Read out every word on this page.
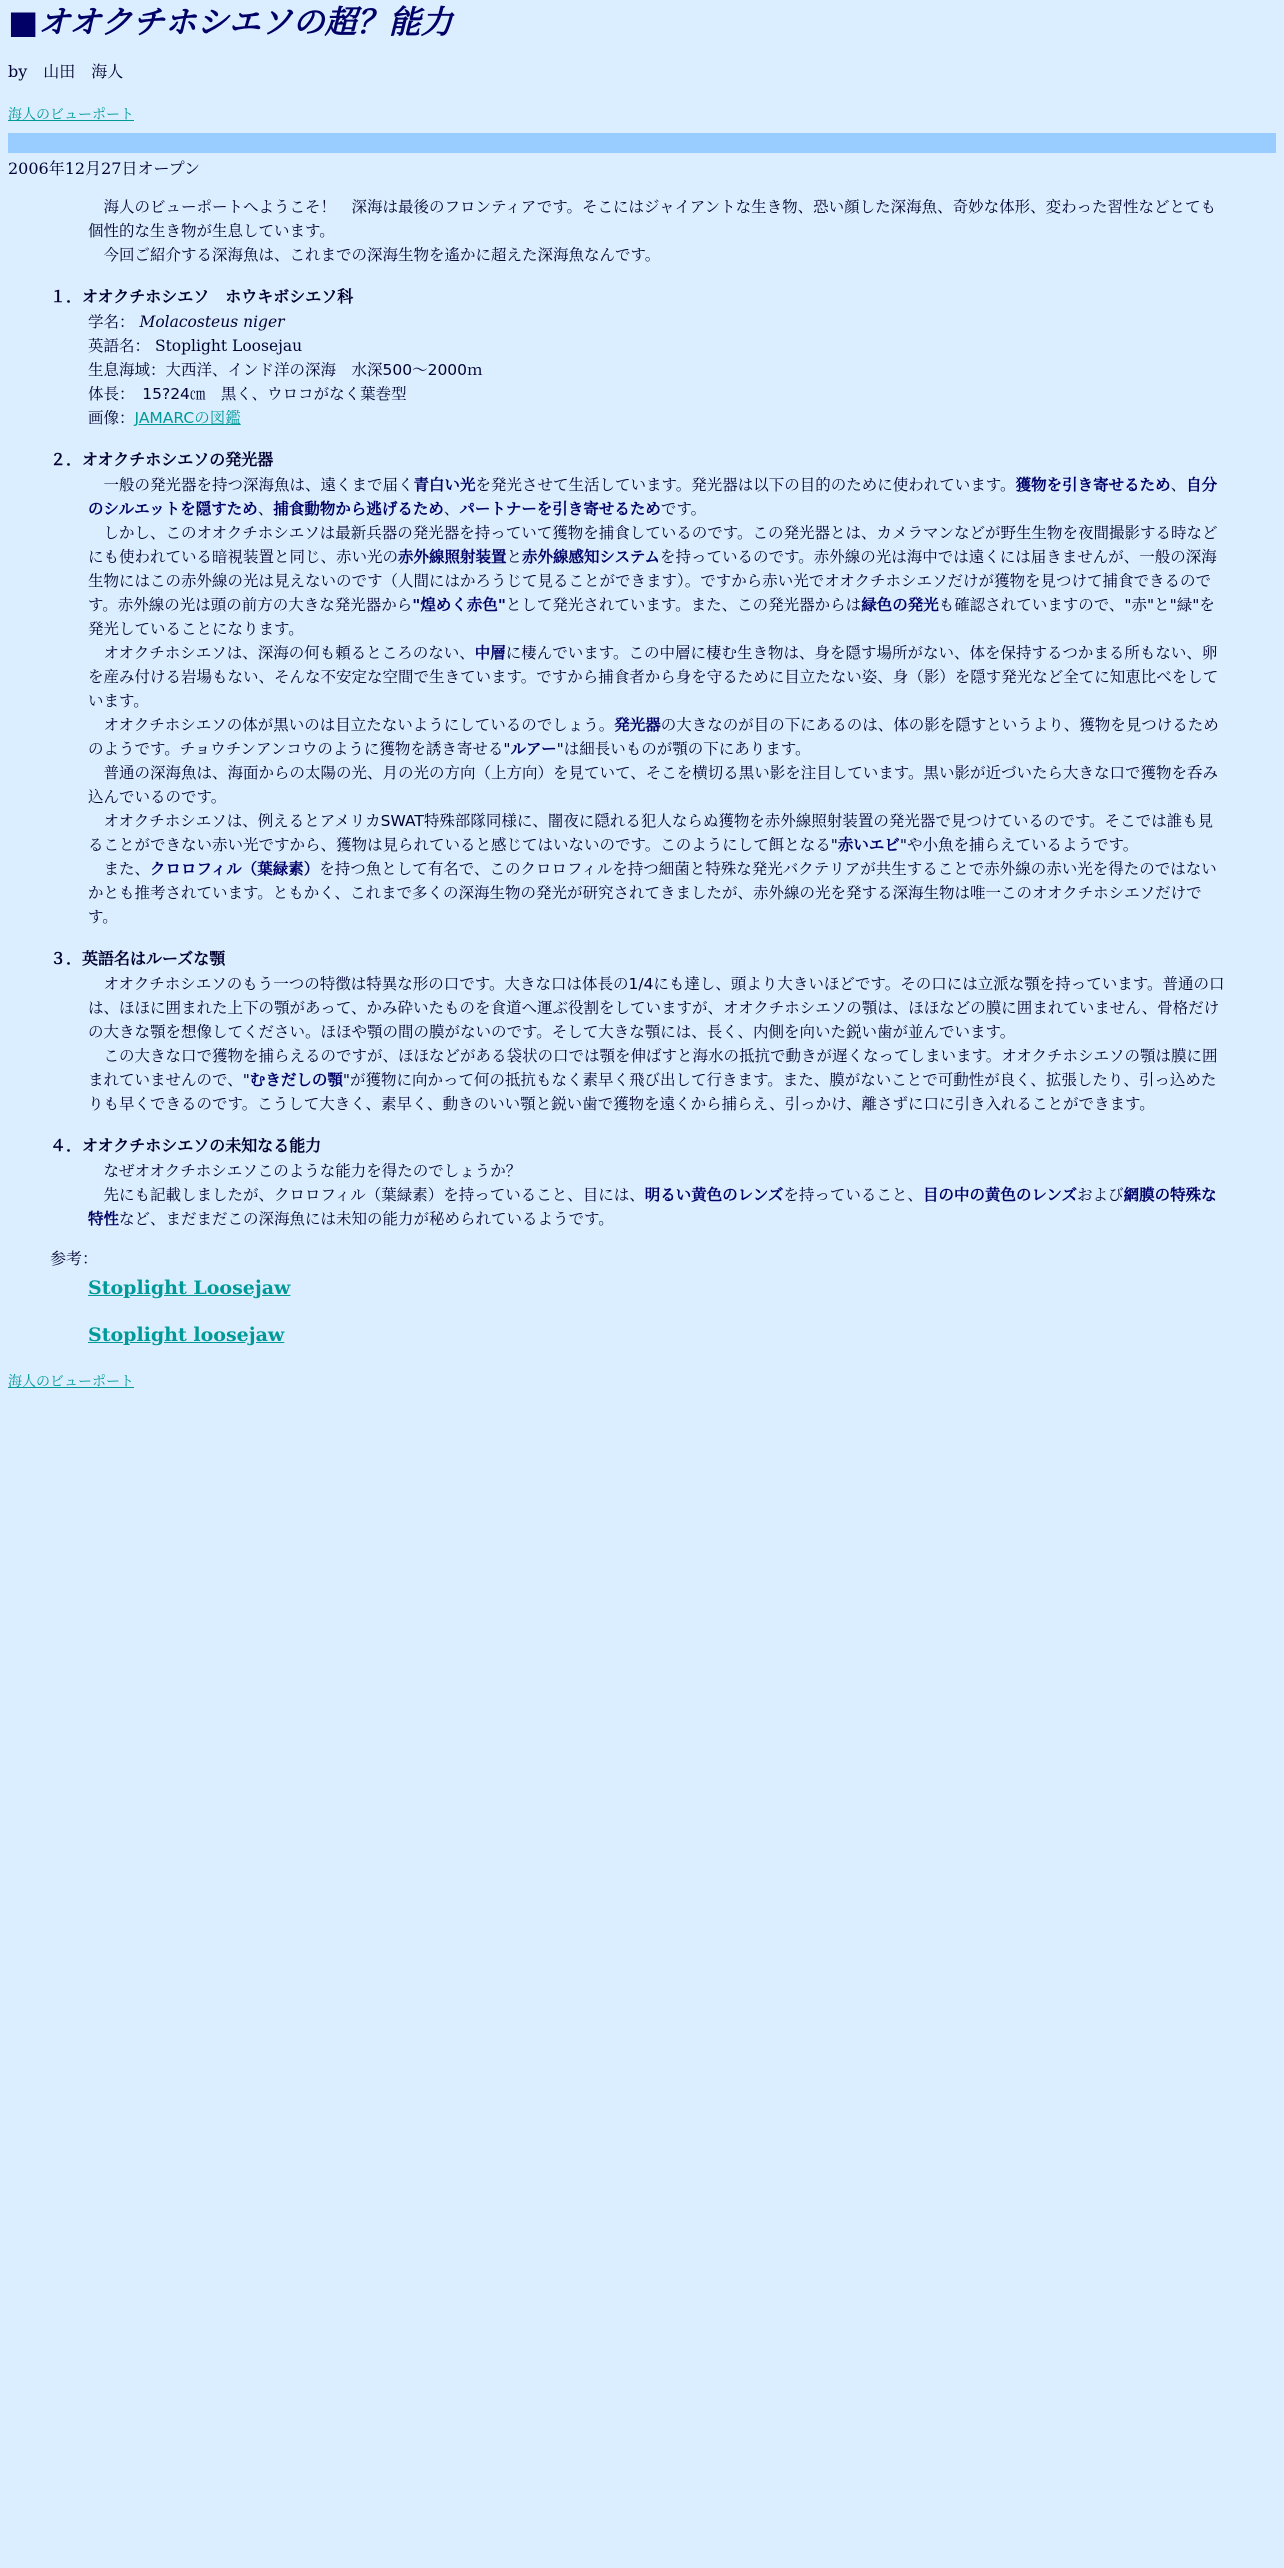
■オオクチホシエソの超？能力
by　山田　海人
海人のビューポート
2006年12月27日オープン

海人のビューポートへようこそ！　深海は最後のフロンティアです。そこにはジャイアントな生き物、恐い顔した深海魚、奇妙な体形、変わった習性などとても個性的な生き物が生息しています。

今回ご紹介する深海魚は、これまでの深海生物を遙かに超えた深海魚なんです。

１．オオクチホシエソ　ホウキボシエソ科
学名： Molacosteus niger
英語名： Stoplight Loosejau
生息海域：大西洋、インド洋の深海　水深500～2000ｍ
体長：　15?24㎝　黒く、ウロコがなく葉巻型
画像：JAMARCの図鑑
２．オオクチホシエソの発光器

一般の発光器を持つ深海魚は、遠くまで届く青白い光を発光させて生活しています。発光器は以下の目的のために使われています。獲物を引き寄せるため、自分のシルエットを隠すため、捕食動物から逃げるため、パートナーを引き寄せるためです。

しかし、このオオクチホシエソは最新兵器の発光器を持っていて獲物を捕食しているのです。この発光器とは、カメラマンなどが野生生物を夜間撮影する時などにも使われている暗視装置と同じ、赤い光の赤外線照射装置と赤外線感知システムを持っているのです。赤外線の光は海中では遠くには届きませんが、一般の深海生物にはこの赤外線の光は見えないのです（人間にはかろうじて見ることができます）。ですから赤い光でオオクチホシエソだけが獲物を見つけて捕食できるのです。赤外線の光は頭の前方の大きな発光器から"煌めく赤色"として発光されています。また、この発光器からは緑色の発光も確認されていますので、"赤"と"緑"を発光していることになります。

オオクチホシエソは、深海の何も頼るところのない、中層に棲んでいます。この中層に棲む生き物は、身を隠す場所がない、体を保持するつかまる所もない、卵を産み付ける岩場もない、そんな不安定な空間で生きています。ですから捕食者から身を守るために目立たない姿、身（影）を隠す発光など全てに知恵比べをしています。

オオクチホシエソの体が黒いのは目立たないようにしているのでしょう。発光器の大きなのが目の下にあるのは、体の影を隠すというより、獲物を見つけるためのようです。チョウチンアンコウのように獲物を誘き寄せる"ルアー"は細長いものが顎の下にあります。

普通の深海魚は、海面からの太陽の光、月の光の方向（上方向）を見ていて、そこを横切る黒い影を注目しています。黒い影が近づいたら大きな口で獲物を呑み込んでいるのです。

オオクチホシエソは、例えるとアメリカSWAT特殊部隊同様に、闇夜に隠れる犯人ならぬ獲物を赤外線照射装置の発光器で見つけているのです。そこでは誰も見ることができない赤い光ですから、獲物は見られていると感じてはいないのです。このようにして餌となる"赤いエビ"や小魚を捕らえているようです。

また、クロロフィル（葉緑素）を持つ魚として有名で、このクロロフィルを持つ細菌と特殊な発光バクテリアが共生することで赤外線の赤い光を得たのではないかとも推考されています。ともかく、これまで多くの深海生物の発光が研究されてきましたが、赤外線の光を発する深海生物は唯一このオオクチホシエソだけです。

３．英語名はルーズな顎

オオクチホシエソのもう一つの特徴は特異な形の口です。大きな口は体長の1/4にも達し、頭より大きいほどです。その口には立派な顎を持っています。普通の口は、ほほに囲まれた上下の顎があって、かみ砕いたものを食道へ運ぶ役割をしていますが、オオクチホシエソの顎は、ほほなどの膜に囲まれていません、骨格だけの大きな顎を想像してください。ほほや顎の間の膜がないのです。そして大きな顎には、長く、内側を向いた鋭い歯が並んでいます。

この大きな口で獲物を捕らえるのですが、ほほなどがある袋状の口では顎を伸ばすと海水の抵抗で動きが遅くなってしまいます。オオクチホシエソの顎は膜に囲まれていませんので、"むきだしの顎"が獲物に向かって何の抵抗もなく素早く飛び出して行きます。また、膜がないことで可動性が良く、拡張したり、引っ込めたりも早くできるのです。こうして大きく、素早く、動きのいい顎と鋭い歯で獲物を遠くから捕らえ、引っかけ、離さずに口に引き入れることができます。

４．オオクチホシエソの未知なる能力

なぜオオクチホシエソこのような能力を得たのでしょうか？

先にも記載しましたが、クロロフィル（葉緑素）を持っていること、目には、明るい黄色のレンズを持っていること、目の中の黄色のレンズおよび網膜の特殊な特性など、まだまだこの深海魚には未知の能力が秘められているようです。

参考：
Stoplight Loosejaw
Stoplight loosejaw
海人のビューポート
